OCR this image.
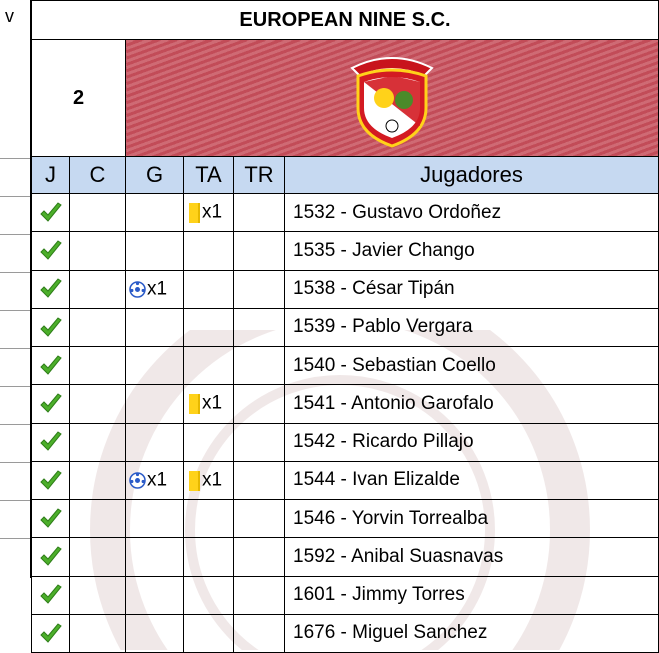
v	EUROPEAN NINE S.C.					
2	

J	C	G	TA	TR	Jugadores
			x1		1532 - Gustavo Ordoñez
					1535 - Javier Chango
		x1			1538 - César Tipán
					1539 - Pablo Vergara
					1540 - Sebastian Coello
			x1		1541 - Antonio Garofalo
					1542 - Ricardo Pillajo
		x1	x1		1544 - Ivan Elizalde
					1546 - Yorvin Torrealba
					1592 - Anibal Suasnavas
					1601 - Jimmy Torres
					1676 - Miguel Sanchez
